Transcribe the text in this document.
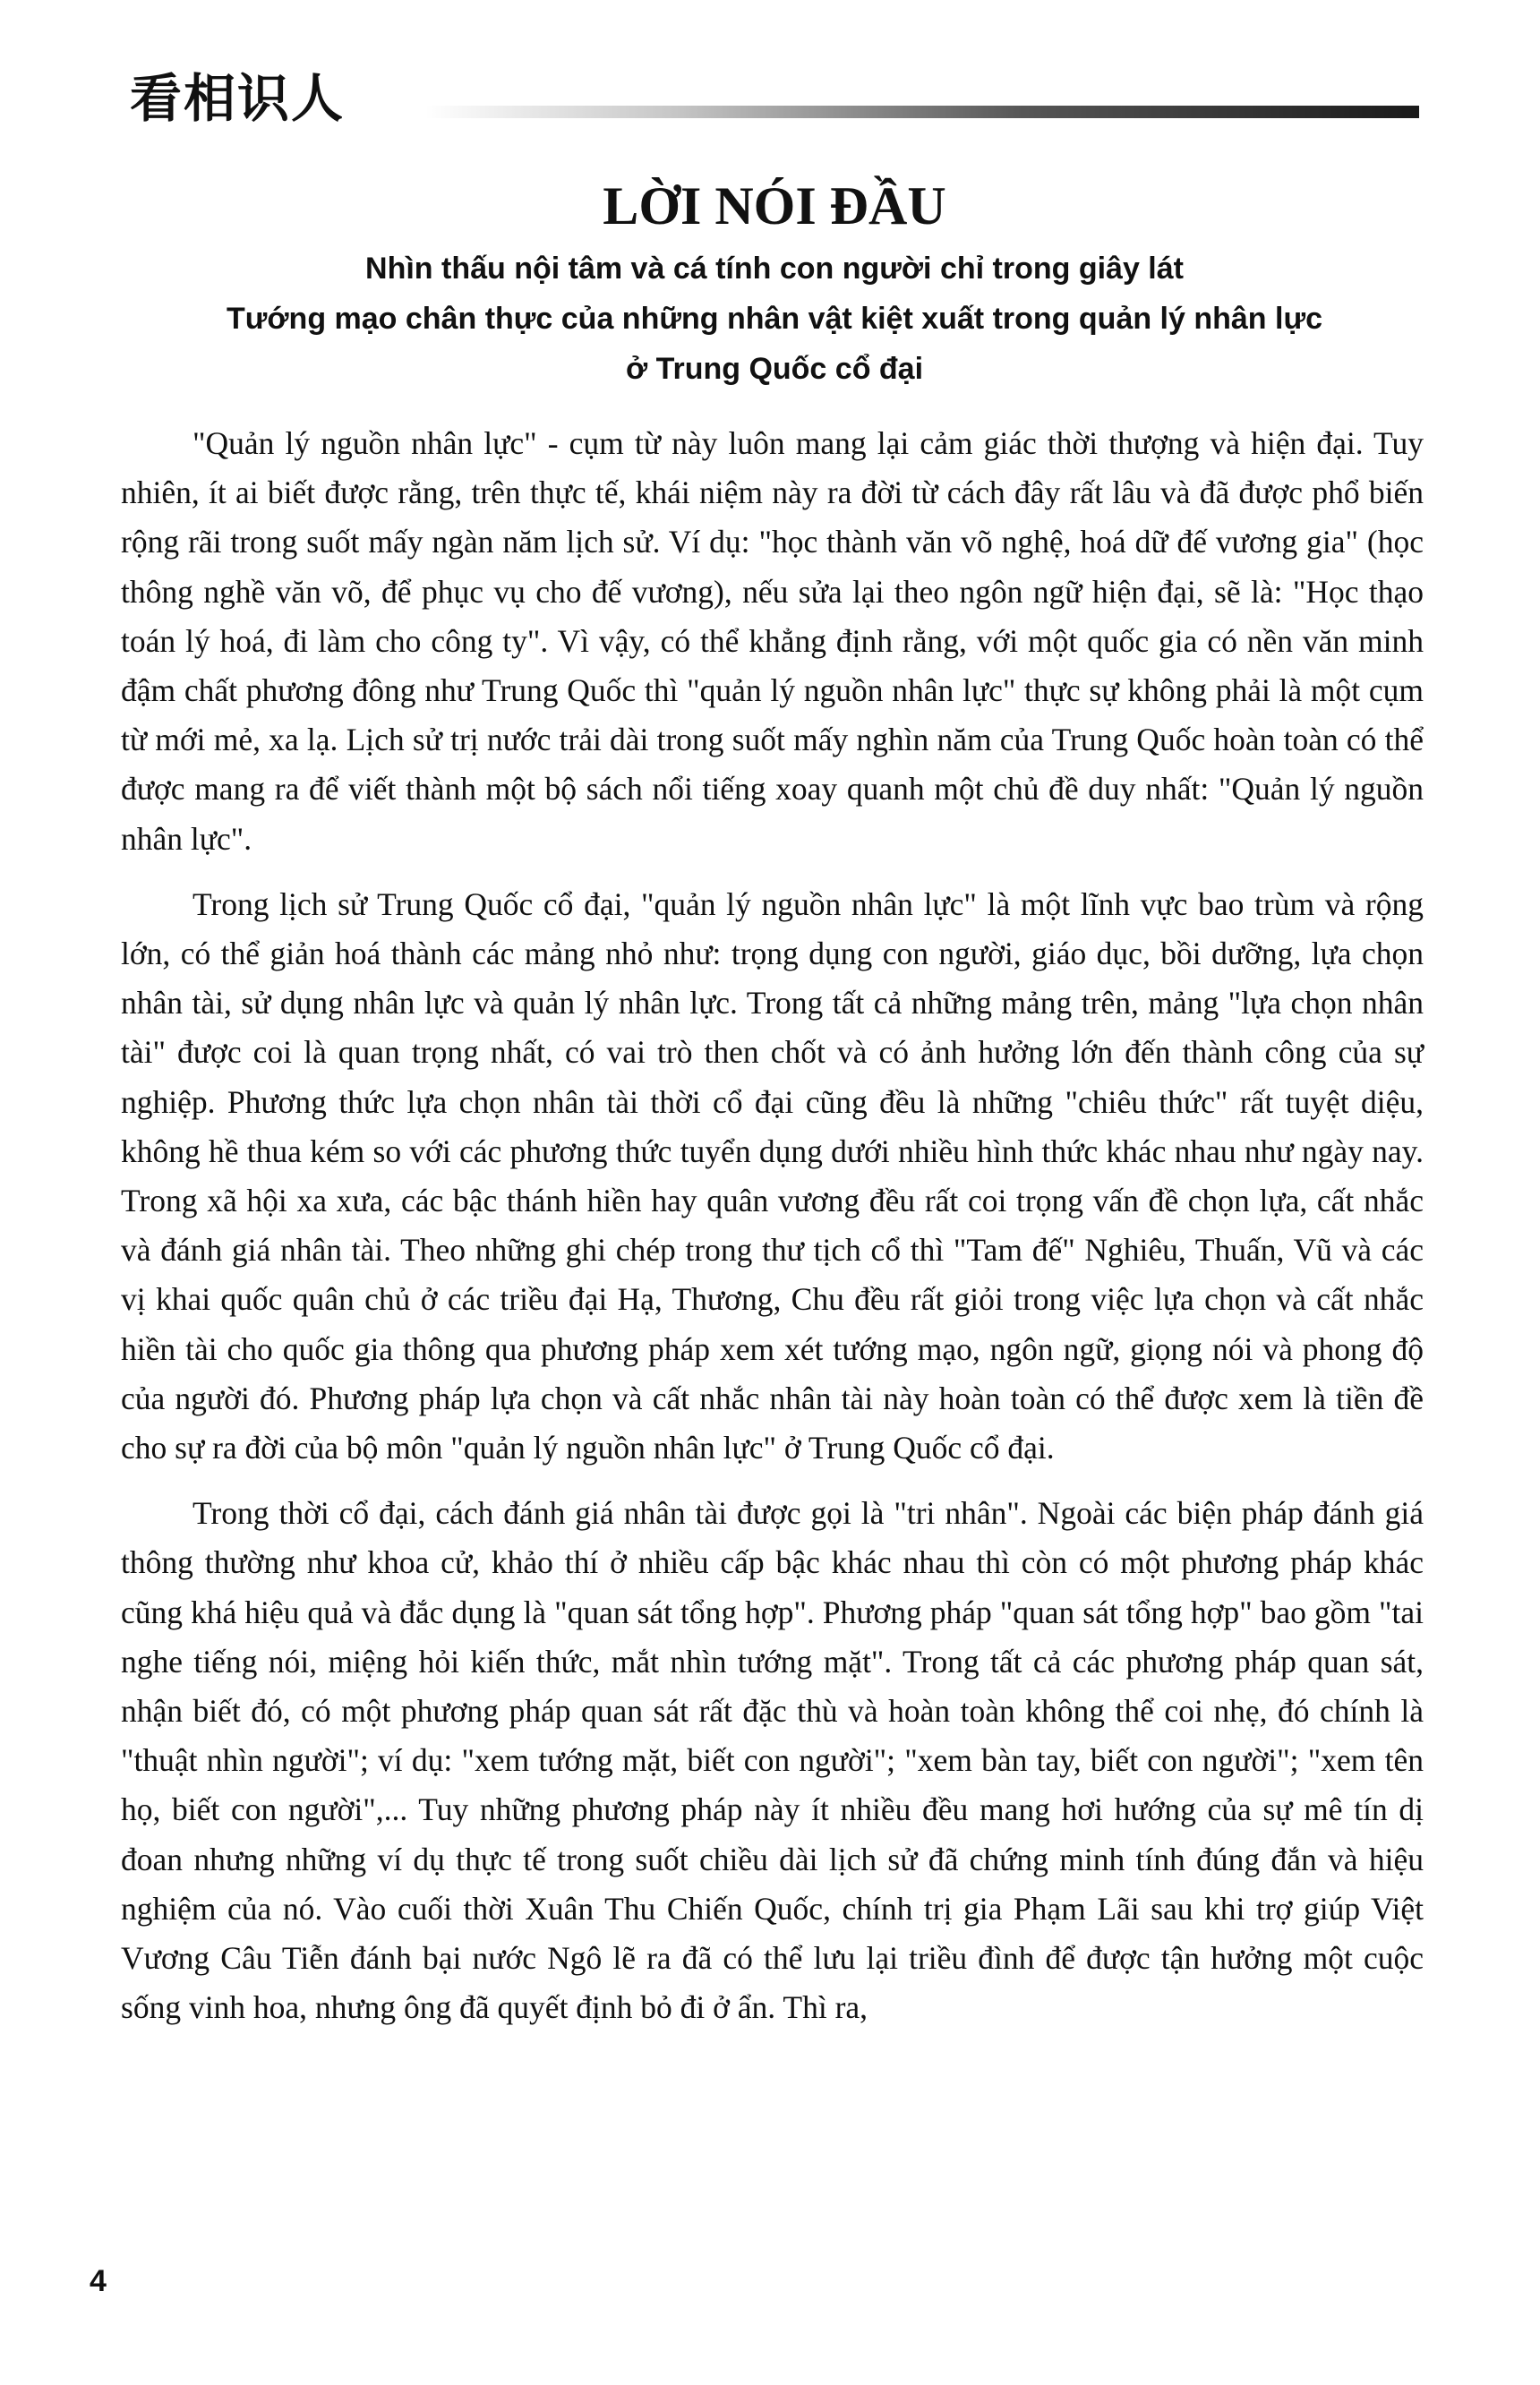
看相识人
LỜI NÓI ĐẦU
Nhìn thấu nội tâm và cá tính con người chỉ trong giây lát
Tướng mạo chân thực của những nhân vật kiệt xuất trong quản lý nhân lực
ở Trung Quốc cổ đại

"Quản lý nguồn nhân lực" - cụm từ này luôn mang lại cảm giác thời thượng và hiện đại. Tuy nhiên, ít ai biết được rằng, trên thực tế, khái niệm này ra đời từ cách đây rất lâu và đã được phổ biến rộng rãi trong suốt mấy ngàn năm lịch sử. Ví dụ: "học thành văn võ nghệ, hoá dữ đế vương gia" (học thông nghề văn võ, để phục vụ cho đế vương), nếu sửa lại theo ngôn ngữ hiện đại, sẽ là: "Học thạo toán lý hoá, đi làm cho công ty". Vì vậy, có thể khẳng định rằng, với một quốc gia có nền văn minh đậm chất phương đông như Trung Quốc thì "quản lý nguồn nhân lực" thực sự không phải là một cụm từ mới mẻ, xa lạ. Lịch sử trị nước trải dài trong suốt mấy nghìn năm của Trung Quốc hoàn toàn có thể được mang ra để viết thành một bộ sách nổi tiếng xoay quanh một chủ đề duy nhất: "Quản lý nguồn nhân lực".

Trong lịch sử Trung Quốc cổ đại, "quản lý nguồn nhân lực" là một lĩnh vực bao trùm và rộng lớn, có thể giản hoá thành các mảng nhỏ như: trọng dụng con người, giáo dục, bồi dưỡng, lựa chọn nhân tài, sử dụng nhân lực và quản lý nhân lực. Trong tất cả những mảng trên, mảng "lựa chọn nhân tài" được coi là quan trọng nhất, có vai trò then chốt và có ảnh hưởng lớn đến thành công của sự nghiệp. Phương thức lựa chọn nhân tài thời cổ đại cũng đều là những "chiêu thức" rất tuyệt diệu, không hề thua kém so với các phương thức tuyển dụng dưới nhiều hình thức khác nhau như ngày nay. Trong xã hội xa xưa, các bậc thánh hiền hay quân vương đều rất coi trọng vấn đề chọn lựa, cất nhắc và đánh giá nhân tài. Theo những ghi chép trong thư tịch cổ thì "Tam đế" Nghiêu, Thuấn, Vũ và các vị khai quốc quân chủ ở các triều đại Hạ, Thương, Chu đều rất giỏi trong việc lựa chọn và cất nhắc hiền tài cho quốc gia thông qua phương pháp xem xét tướng mạo, ngôn ngữ, giọng nói và phong độ của người đó. Phương pháp lựa chọn và cất nhắc nhân tài này hoàn toàn có thể được xem là tiền đề cho sự ra đời của bộ môn "quản lý nguồn nhân lực" ở Trung Quốc cổ đại.

Trong thời cổ đại, cách đánh giá nhân tài được gọi là "tri nhân". Ngoài các biện pháp đánh giá thông thường như khoa cử, khảo thí ở nhiều cấp bậc khác nhau thì còn có một phương pháp khác cũng khá hiệu quả và đắc dụng là "quan sát tổng hợp". Phương pháp "quan sát tổng hợp" bao gồm "tai nghe tiếng nói, miệng hỏi kiến thức, mắt nhìn tướng mặt". Trong tất cả các phương pháp quan sát, nhận biết đó, có một phương pháp quan sát rất đặc thù và hoàn toàn không thể coi nhẹ, đó chính là "thuật nhìn người"; ví dụ: "xem tướng mặt, biết con người"; "xem bàn tay, biết con người"; "xem tên họ, biết con người",... Tuy những phương pháp này ít nhiều đều mang hơi hướng của sự mê tín dị đoan nhưng những ví dụ thực tế trong suốt chiều dài lịch sử đã chứng minh tính đúng đắn và hiệu nghiệm của nó. Vào cuối thời Xuân Thu Chiến Quốc, chính trị gia Phạm Lãi sau khi trợ giúp Việt Vương Câu Tiễn đánh bại nước Ngô lẽ ra đã có thể lưu lại triều đình để được tận hưởng một cuộc sống vinh hoa, nhưng ông đã quyết định bỏ đi ở ẩn. Thì ra,

4
